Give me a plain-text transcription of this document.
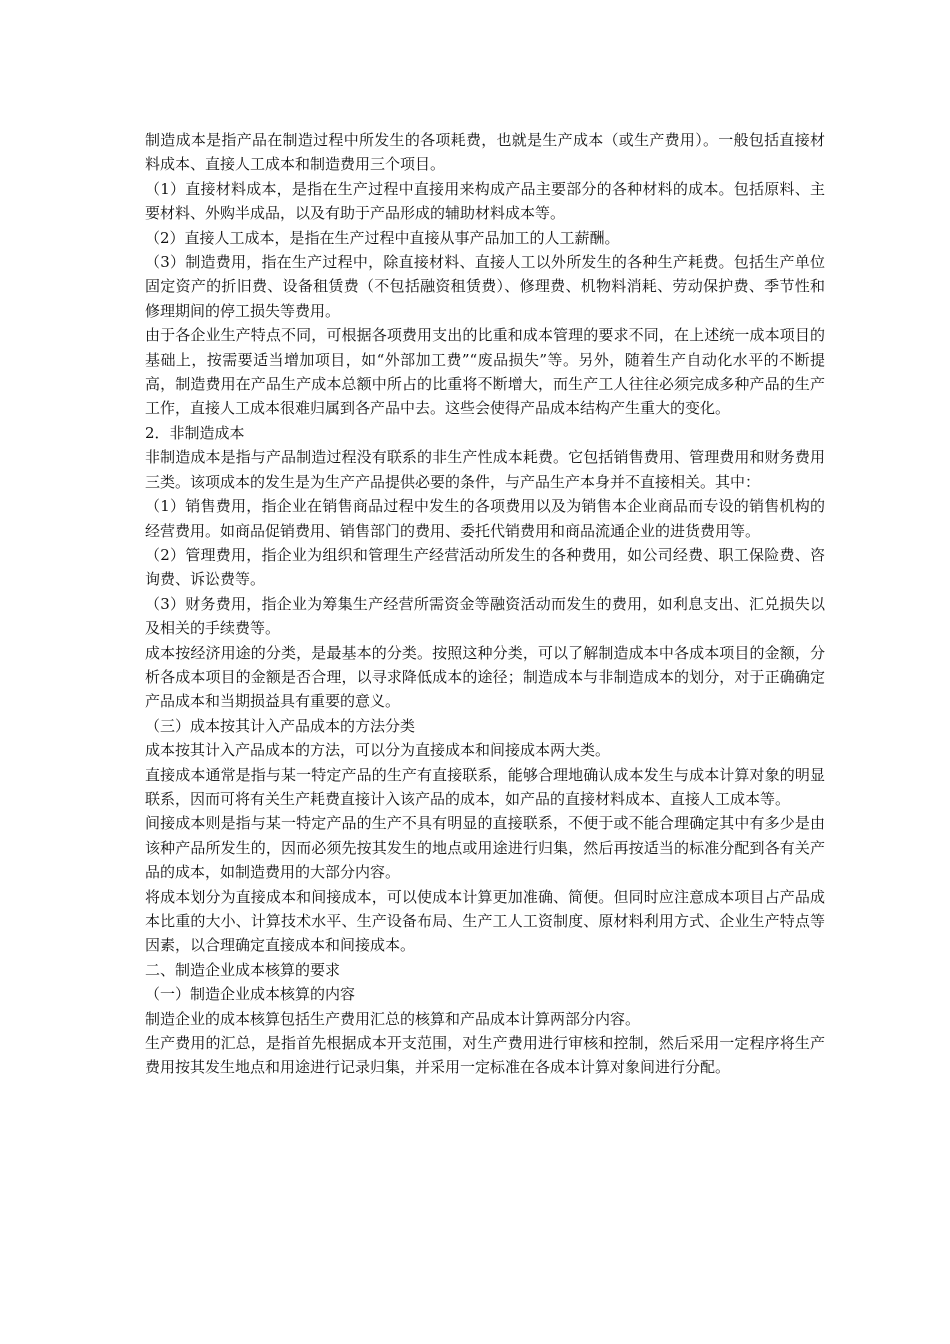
制造成本是指产品在制造过程中所发生的各项耗费，也就是生产成本（或生产费用）。一般包括直接材料成本、直接人工成本和制造费用三个项目。

（1）直接材料成本，是指在生产过程中直接用来构成产品主要部分的各种材料的成本。包括原料、主要材料、外购半成品，以及有助于产品形成的辅助材料成本等。

（2）直接人工成本，是指在生产过程中直接从事产品加工的人工薪酬。

（3）制造费用，指在生产过程中，除直接材料、直接人工以外所发生的各种生产耗费。包括生产单位固定资产的折旧费、设备租赁费（不包括融资租赁费）、修理费、机物料消耗、劳动保护费、季节性和修理期间的停工损失等费用。

由于各企业生产特点不同，可根据各项费用支出的比重和成本管理的要求不同，在上述统一成本项目的基础上，按需要适当增加项目，如“外部加工费”“废品损失”等。另外，随着生产自动化水平的不断提高，制造费用在产品生产成本总额中所占的比重将不断增大，而生产工人往往必须完成多种产品的生产工作，直接人工成本很难归属到各产品中去。这些会使得产品成本结构产生重大的变化。

2．非制造成本

非制造成本是指与产品制造过程没有联系的非生产性成本耗费。它包括销售费用、管理费用和财务费用三类。该项成本的发生是为生产产品提供必要的条件，与产品生产本身并不直接相关。其中：

（1）销售费用，指企业在销售商品过程中发生的各项费用以及为销售本企业商品而专设的销售机构的经营费用。如商品促销费用、销售部门的费用、委托代销费用和商品流通企业的进货费用等。

（2）管理费用，指企业为组织和管理生产经营活动所发生的各种费用，如公司经费、职工保险费、咨询费、诉讼费等。

（3）财务费用，指企业为筹集生产经营所需资金等融资活动而发生的费用，如利息支出、汇兑损失以及相关的手续费等。

成本按经济用途的分类，是最基本的分类。按照这种分类，可以了解制造成本中各成本项目的金额，分析各成本项目的金额是否合理，以寻求降低成本的途径；制造成本与非制造成本的划分，对于正确确定产品成本和当期损益具有重要的意义。

（三）成本按其计入产品成本的方法分类

成本按其计入产品成本的方法，可以分为直接成本和间接成本两大类。

直接成本通常是指与某一特定产品的生产有直接联系，能够合理地确认成本发生与成本计算对象的明显联系，因而可将有关生产耗费直接计入该产品的成本，如产品的直接材料成本、直接人工成本等。

间接成本则是指与某一特定产品的生产不具有明显的直接联系，不便于或不能合理确定其中有多少是由该种产品所发生的，因而必须先按其发生的地点或用途进行归集，然后再按适当的标准分配到各有关产品的成本，如制造费用的大部分内容。

将成本划分为直接成本和间接成本，可以使成本计算更加准确、简便。但同时应注意成本项目占产品成本比重的大小、计算技术水平、生产设备布局、生产工人工资制度、原材料利用方式、企业生产特点等因素，以合理确定直接成本和间接成本。

二、制造企业成本核算的要求

（一）制造企业成本核算的内容

制造企业的成本核算包括生产费用汇总的核算和产品成本计算两部分内容。

生产费用的汇总，是指首先根据成本开支范围，对生产费用进行审核和控制，然后采用一定程序将生产费用按其发生地点和用途进行记录归集，并采用一定标准在各成本计算对象间进行分配。
